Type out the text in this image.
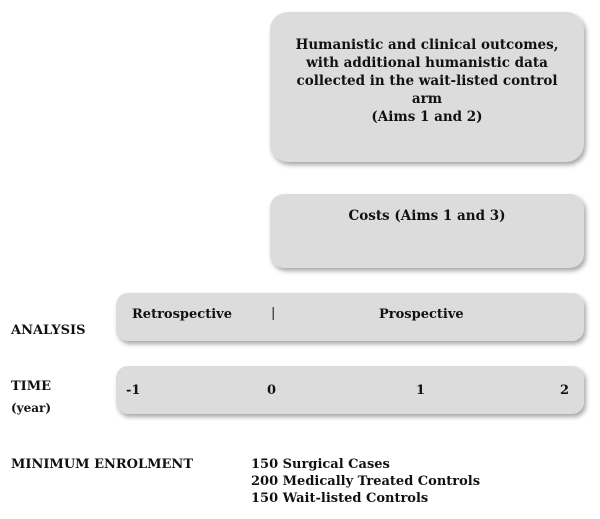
Humanistic and clinical outcomes,
with additional humanistic data
collected in the wait-listed control
arm
(Aims 1 and 2)
Costs (Aims 1 and 3)
ANALYSIS
Retrospective	|	Prospective
TIME
(year)
-1	0	1	2
MINIMUM ENROLMENT	150 Surgical Cases
200 Medically Treated Controls
150 Wait-listed Controls
